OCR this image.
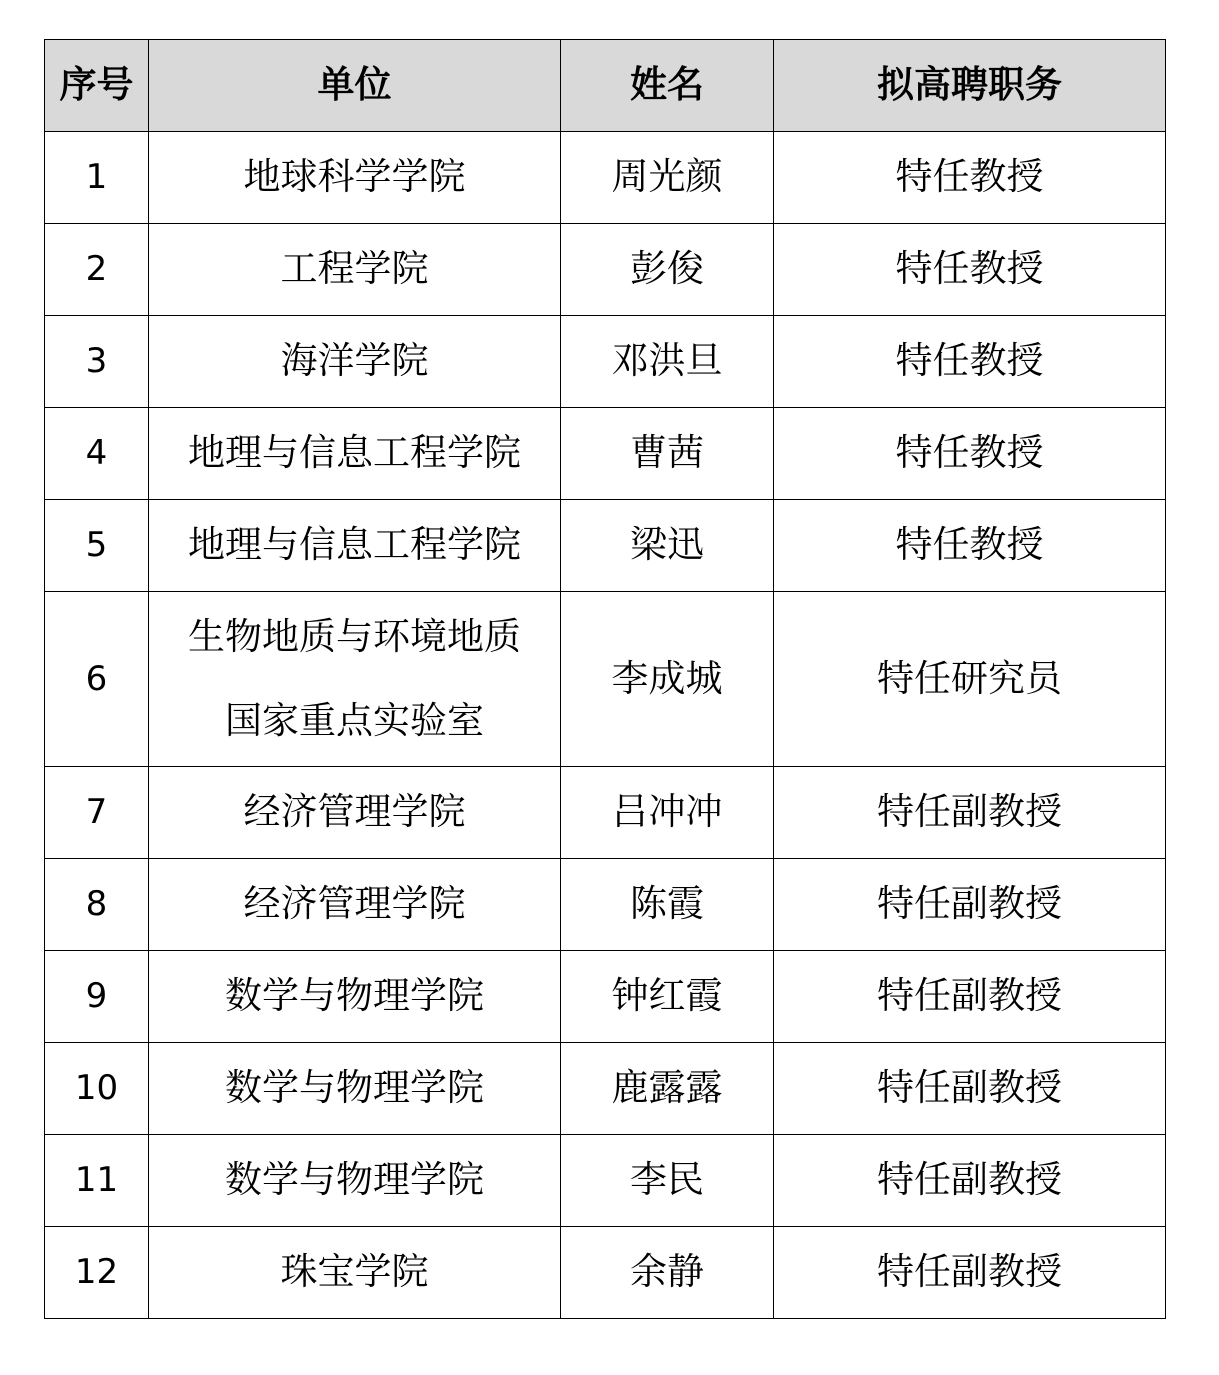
序号	单位	姓名	拟高聘职务
1	地球科学学院	周光颜	特任教授
2	工程学院	彭俊	特任教授
3	海洋学院	邓洪旦	特任教授
4	地理与信息工程学院	曹茜	特任教授
5	地理与信息工程学院	梁迅	特任教授
6	生物地质与环境地质
国家重点实验室	李成城	特任研究员
7	经济管理学院	吕冲冲	特任副教授
8	经济管理学院	陈霞	特任副教授
9	数学与物理学院	钟红霞	特任副教授
10	数学与物理学院	鹿露露	特任副教授
11	数学与物理学院	李民	特任副教授
12	珠宝学院	余静	特任副教授
